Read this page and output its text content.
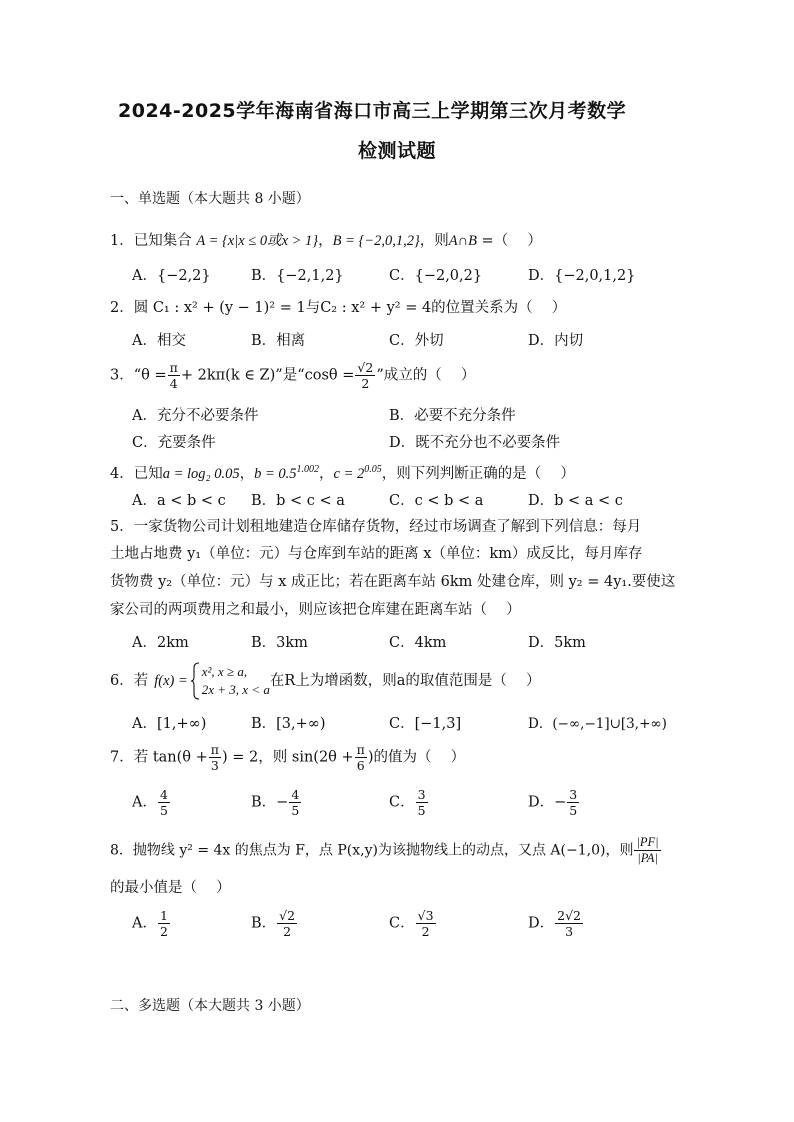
2024-2025学年海南省海口市高三上学期第三次月考数学
检测试题
一、单选题（本大题共 8 小题）
1．已知集合 A = {x|x ≤ 0或x > 1}，B = {−2,0,1,2}，则A∩B =（　 ）
A．{−2,2}	B．{−2,1,2}	C．{−2,0,2}	D．{−2,0,1,2}
2．圆 C₁ : x² + (y − 1)² = 1与C₂ : x² + y² = 4的位置关系为（　 ）
A．相交	B．相离	C．外切	D．内切
3．“$\theta = \frac{\pi}{4} + 2k\pi(k$ ∈ Z)”是“$\cos\theta = \frac{√2}{2}$ ”成立的（　 ）
A．充分不必要条件	B．必要不充分条件
C．充要条件	D．既不充分也不必要条件
4．已知a = log₂ 0.05，$b = 0.5^{1.002}$，$c = 2^{0.05}$，则下列判断正确的是（　 ）
A．a < b < c B．b < c < a	C．c < b < a	D．b < a < c
5．一家货物公司计划租地建造仓库储存货物，经过市场调查了解到下列信息：每月
土地占地费 y₁（单位：元）与仓库到车站的距离 x（单位：km）成反比，每月库存
货物费 y₂（单位：元）与 x 成正比；若在距离车站 6km 处建仓库，则 y₂ = 4y₁.要使这
家公司的两项费用之和最小，则应该把仓库建在距离车站（　 ）
A．2km	B．3km	C．4km	D．5km
6．若 f(x) =
x², x ≥ a,
2x + 3, x < a
在R上为增函数，则a的取值范围是（　 ）
A．[1,+∞)	B．[3,+∞)	C．[−1,3]	D．(−∞,−1]∪[3,+∞)
7．若 $\tan(\theta + \frac{\pi}{3}$ ) = 2，则 $\sin(2\theta + \frac{\pi}{6}$ )的值为（　 ）
A． $\frac{4}{5}$	B．− $\frac{4}{5}$	C． $\frac{3}{5}$	D．− $\frac{3}{5}$
8．抛物线 y² = 4x 的焦点为 F，点 P(x,y)为该抛物线上的动点，又点 A(−1,0)，则 $\frac{|PF|}{|PA|}$
的最小值是（　 ）
A． $\frac{1}{2}$	B． $\frac{√2}{2}$	C． $\frac{√3}{2}$	D． $\frac{2√2}{3}$
二、多选题（本大题共 3 小题）
